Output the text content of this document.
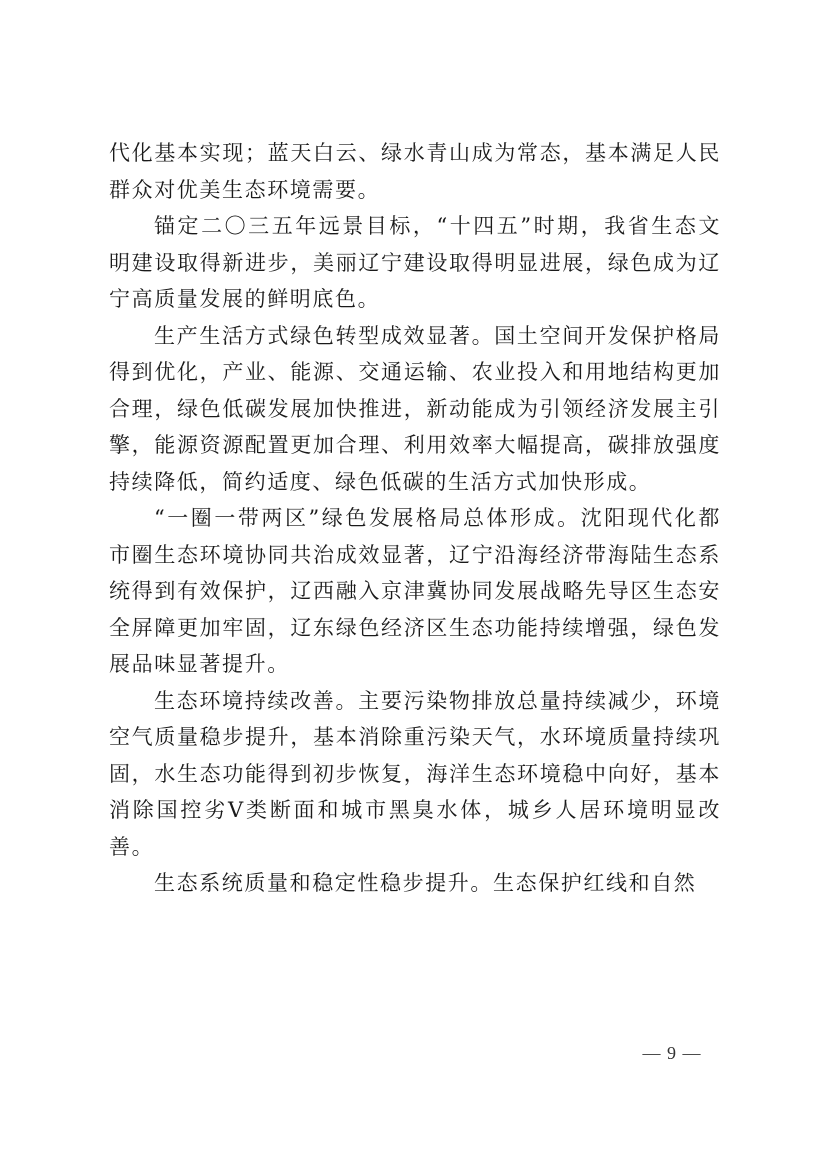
代化基本实现；蓝天白云、绿水青山成为常态，基本满足人民群众对优美生态环境需要。

锚定二〇三五年远景目标，“十四五”时期，我省生态文明建设取得新进步，美丽辽宁建设取得明显进展，绿色成为辽宁高质量发展的鲜明底色。

生产生活方式绿色转型成效显著。国土空间开发保护格局得到优化，产业、能源、交通运输、农业投入和用地结构更加合理，绿色低碳发展加快推进，新动能成为引领经济发展主引擎，能源资源配置更加合理、利用效率大幅提高，碳排放强度持续降低，简约适度、绿色低碳的生活方式加快形成。

“一圈一带两区”绿色发展格局总体形成。沈阳现代化都市圈生态环境协同共治成效显著，辽宁沿海经济带海陆生态系统得到有效保护，辽西融入京津冀协同发展战略先导区生态安全屏障更加牢固，辽东绿色经济区生态功能持续增强，绿色发展品味显著提升。

生态环境持续改善。主要污染物排放总量持续减少，环境空气质量稳步提升，基本消除重污染天气，水环境质量持续巩固，水生态功能得到初步恢复，海洋生态环境稳中向好，基本消除国控劣Ⅴ类断面和城市黑臭水体，城乡人居环境明显改善。

生态系统质量和稳定性稳步提升。生态保护红线和自然

— 9 —
